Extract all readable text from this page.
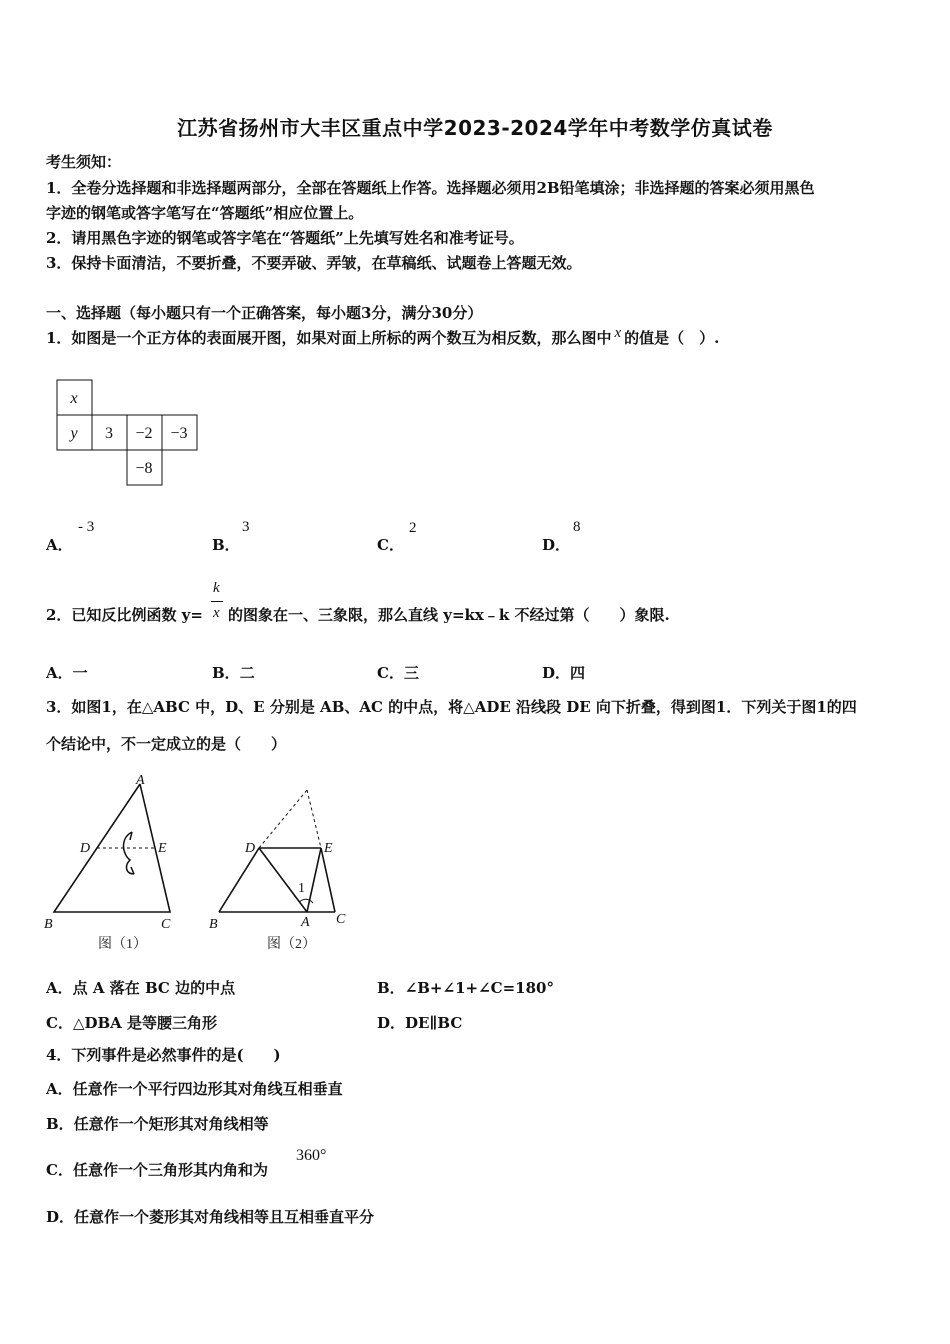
江苏省扬州市大丰区重点中学2023-2024学年中考数学仿真试卷
考生须知：
1．全卷分选择题和非选择题两部分，全部在答题纸上作答。选择题必须用2B铅笔填涂；非选择题的答案必须用黑色
字迹的钢笔或答字笔写在“答题纸”相应位置上。
2．请用黑色字迹的钢笔或答字笔在“答题纸”上先填写姓名和准考证号。
3．保持卡面清洁，不要折叠，不要弄破、弄皱，在草稿纸、试题卷上答题无效。
一、选择题（每小题只有一个正确答案，每小题3分，满分30分）
1．如图是一个正方体的表面展开图，如果对面上所标的两个数互为相反数，那么图中 x 的值是（　）.
x
y 3 −2 −3
−8
A．
- 3
B．
3
C．
2
D．
8
2．已知反比例函数 y=
k
x 的图象在一、三象限，那么直线 y=kx﹣k 不经过第（　　）象限.
A．一	B．二	C．三	D．四
3．如图1，在△ABC 中，D、E 分别是 AB、AC 的中点，将△ADE 沿线段 DE 向下折叠，得到图1．下列关于图1的四
个结论中，不一定成立的是（　　）
A
D	E
B	C
图（1）
D	E
1
B	A C
图（2）
A．点 A 落在 BC 边的中点	B．∠B+∠1+∠C=180°
C．△DBA 是等腰三角形	D．DE∥BC
4．下列事件是必然事件的是(　　)
A．任意作一个平行四边形其对角线互相垂直
B．任意作一个矩形其对角线相等
C．任意作一个三角形其内角和为
360°
D．任意作一个菱形其对角线相等且互相垂直平分
